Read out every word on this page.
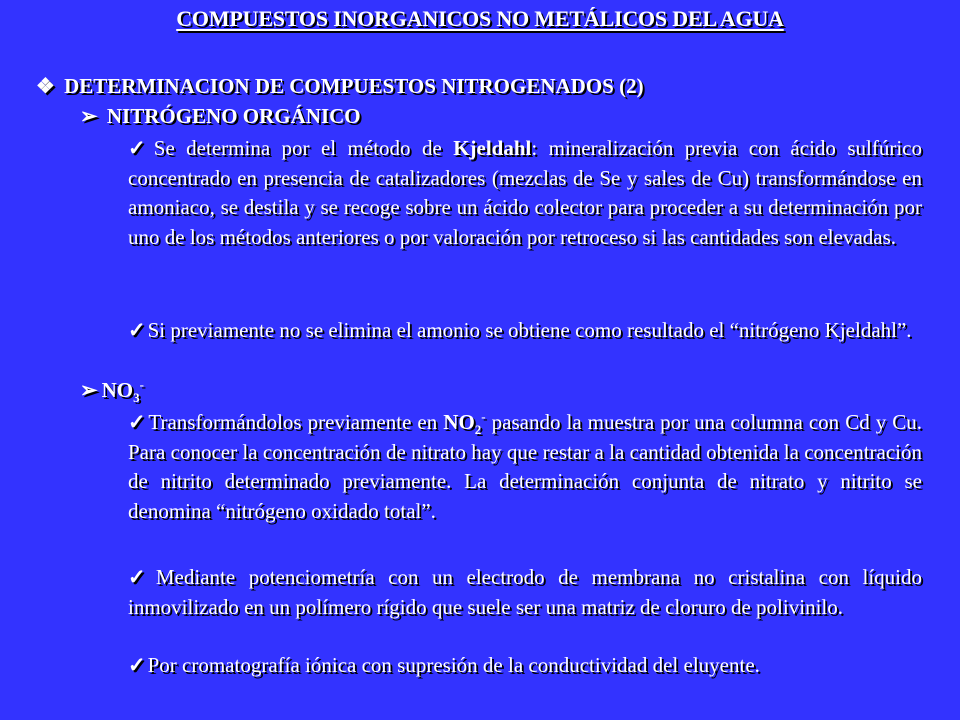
COMPUESTOS INORGANICOS NO METÁLICOS DEL AGUA
❖ DETERMINACION DE COMPUESTOS NITROGENADOS (2)
➢ NITRÓGENO ORGÁNICO
✓Se determina por el método de Kjeldahl: mineralización previa con ácido sulfúrico concentrado en presencia de catalizadores (mezclas de Se y sales de Cu) transformándose en amoniaco, se destila y se recoge sobre un ácido colector para proceder a su determinación por uno de los métodos anteriores o por valoración por retroceso si las cantidades son elevadas.
✓Si previamente no se elimina el amonio se obtiene como resultado el “nitrógeno Kjeldahl”.
➢ $NO_3^-$
✓Transformándolos previamente en $NO_2^-$ pasando la muestra por una columna con Cd y Cu. Para conocer la concentración de nitrato hay que restar a la cantidad obtenida la concentración de nitrito determinado previamente. La determinación conjunta de nitrato y nitrito se denomina “nitrógeno oxidado total”.
✓Mediante potenciometría con un electrodo de membrana no cristalina con líquido inmovilizado en un polímero rígido que suele ser una matriz de cloruro de polivinilo.
✓Por cromatografía iónica con supresión de la conductividad del eluyente.
